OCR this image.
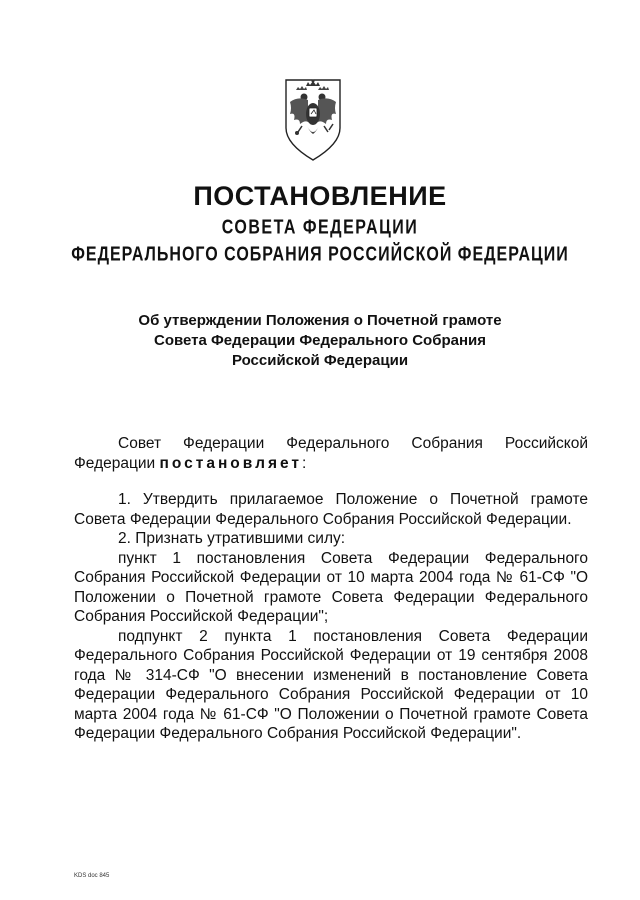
ПОСТАНОВЛЕНИЕ
СОВЕТА ФЕДЕРАЦИИ
ФЕДЕРАЛЬНОГО СОБРАНИЯ РОССИЙСКОЙ ФЕДЕРАЦИИ
Об утверждении Положения о Почетной грамоте
Совета Федерации Федерального Собрания
Российской Федерации

Совет Федерации Федерального Собрания Российской Федерации постановляет:

1. Утвердить прилагаемое Положение о Почетной грамоте Совета Федерации Федерального Собрания Российской Федерации.

2. Признать утратившими силу:

пункт 1 постановления Совета Федерации Федерального Собрания Российской Федерации от 10 марта 2004 года № 61-СФ "О Положении о Почетной грамоте Совета Федерации Федерального Собрания Российской Федерации";

подпункт 2 пункта 1 постановления Совета Федерации Федерального Собрания Российской Федерации от 19 сентября 2008 года № 314-СФ "О внесении изменений в постановление Совета Федерации Федерального Собрания Российской Федерации от 10 марта 2004 года № 61-СФ "О Положении о Почетной грамоте Совета Федерации Федерального Собрания Российской Федерации".

KDS doc 845
